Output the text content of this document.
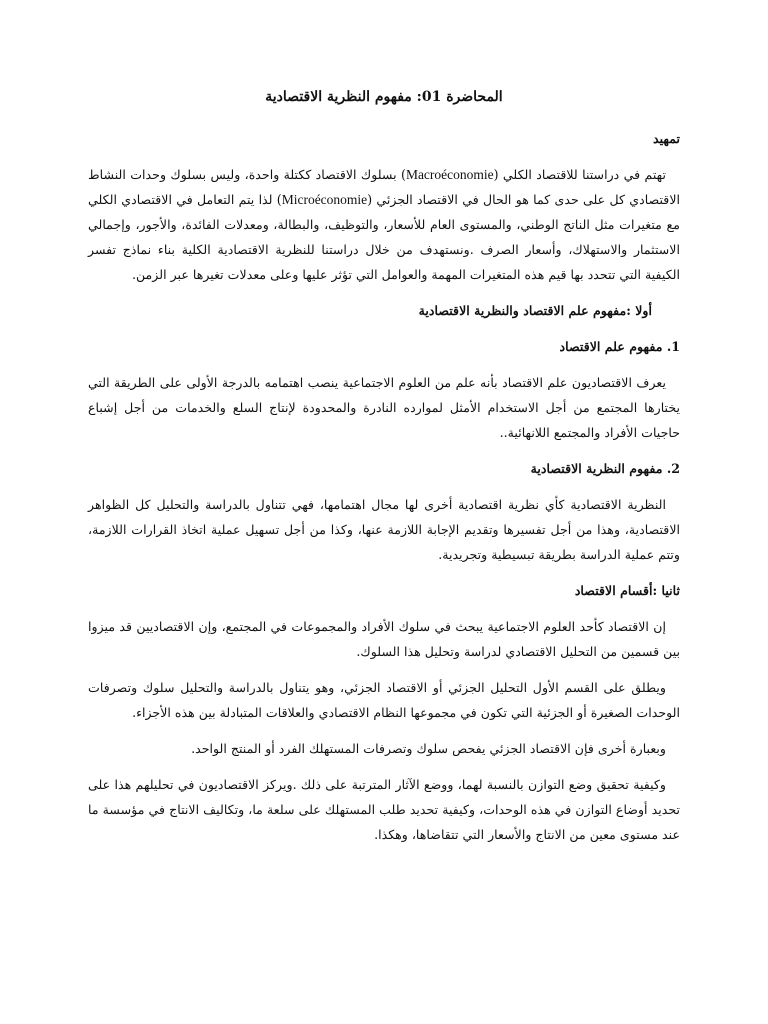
المحاضرة 01: مفهوم النظرية الاقتصادية
تمهيد

تهتم في دراستنا للاقتصاد الكلي (Macroéconomie) بسلوك الاقتصاد ككتلة واحدة، وليس بسلوك وحدات النشاط الاقتصادي كل على حدى كما هو الحال في الاقتصاد الجزئي (Microéconomie) لذا يتم التعامل في الاقتصادي الكلي مع متغيرات مثل الناتج الوطني، والمستوى العام للأسعار، والتوظيف، والبطالة، ومعدلات الفائدة، والأجور، وإجمالي الاستثمار والاستهلاك، وأسعار الصرف .ونستهدف من خلال دراستنا للنظرية الاقتصادية الكلية بناء نماذج تفسر الكيفية التي تتحدد بها قيم هذه المتغيرات المهمة والعوامل التي تؤثر عليها وعلى معدلات تغيرها عبر الزمن.

أولا :مفهوم علم الاقتصاد والنظرية الاقتصادية
1. مفهوم علم الاقتصاد

يعرف الاقتصاديون علم الاقتصاد بأنه علم من العلوم الاجتماعية ينصب اهتمامه بالدرجة الأولى على الطريقة التي يختارها المجتمع من أجل الاستخدام الأمثل لموارده النادرة والمحدودة لإنتاج السلع والخدمات من أجل إشباع حاجيات الأفراد والمجتمع اللانهائية..

2. مفهوم النظرية الاقتصادية

النظرية الاقتصادية كأي نظرية اقتصادية أخرى لها مجال اهتمامها، فهي تتناول بالدراسة والتحليل كل الظواهر الاقتصادية، وهذا من أجل تفسيرها وتقديم الإجابة اللازمة عنها، وكذا من أجل تسهيل عملية اتخاذ القرارات اللازمة، وتتم عملية الدراسة بطريقة تبسيطية وتجريدية.

ثانيا :أقسام الاقتصاد

إن الاقتصاد كأحد العلوم الاجتماعية يبحث في سلوك الأفراد والمجموعات في المجتمع، وإن الاقتصاديين قد ميزوا بين قسمين من التحليل الاقتصادي لدراسة وتحليل هذا السلوك.

ويطلق على القسم الأول التحليل الجزئي أو الاقتصاد الجزئي، وهو يتناول بالدراسة والتحليل سلوك وتصرفات الوحدات الصغيرة أو الجزئية التي تكون في مجموعها النظام الاقتصادي والعلاقات المتبادلة بين هذه الأجزاء.

وبعبارة أخرى فإن الاقتصاد الجزئي يفحص سلوك وتصرفات المستهلك الفرد أو المنتج الواحد.

وكيفية تحقيق وضع التوازن بالنسبة لهما، ووضع الآثار المترتبة على ذلك .ويركز الاقتصاديون في تحليلهم هذا على تحديد أوضاع التوازن في هذه الوحدات، وكيفية تحديد طلب المستهلك على سلعة ما، وتكاليف الانتاج في مؤسسة ما عند مستوى معين من الانتاج والأسعار التي تتقاضاها، وهكذا.
